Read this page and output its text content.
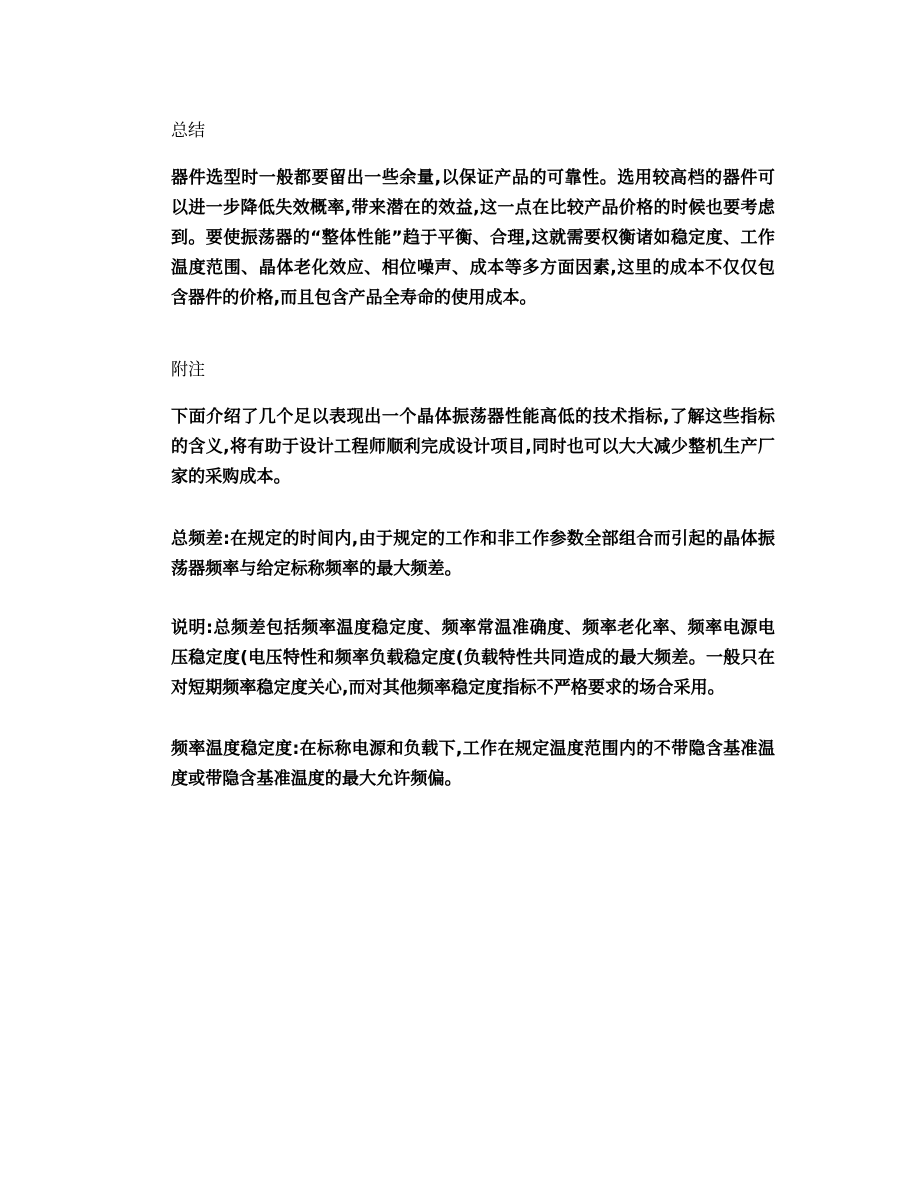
总结

器件选型时一般都要留出一些余量,以保证产品的可靠性。选用较高档的器件可以进一步降低失效概率,带来潜在的效益,这一点在比较产品价格的时候也要考虑到。要使振荡器的“整体性能”趋于平衡、合理,这就需要权衡诸如稳定度、工作温度范围、晶体老化效应、相位噪声、成本等多方面因素,这里的成本不仅仅包含器件的价格,而且包含产品全寿命的使用成本。

附注

下面介绍了几个足以表现出一个晶体振荡器性能高低的技术指标,了解这些指标的含义,将有助于设计工程师顺利完成设计项目,同时也可以大大减少整机生产厂家的采购成本。

总频差:在规定的时间内,由于规定的工作和非工作参数全部组合而引起的晶体振荡器频率与给定标称频率的最大频差。

说明:总频差包括频率温度稳定度、频率常温准确度、频率老化率、频率电源电压稳定度(电压特性和频率负载稳定度(负载特性共同造成的最大频差。一般只在对短期频率稳定度关心,而对其他频率稳定度指标不严格要求的场合采用。

频率温度稳定度:在标称电源和负载下,工作在规定温度范围内的不带隐含基准温度或带隐含基准温度的最大允许频偏。
